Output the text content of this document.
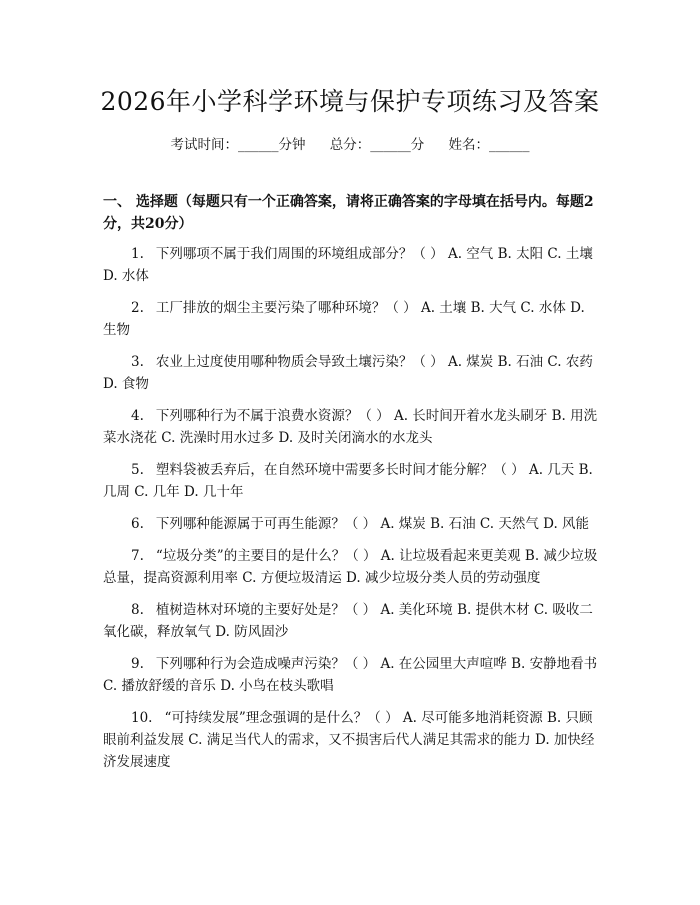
2026年小学科学环境与保护专项练习及答案
考试时间：______分钟 总分：______分 姓名：______
一、 选择题（每题只有一个正确答案，请将正确答案的字母填在括号内。每题2分，共20分）
1. 下列哪项不属于我们周围的环境组成部分？（ ） A. 空气 B. 太阳 C. 土壤 D. 水体
2. 工厂排放的烟尘主要污染了哪种环境？（ ） A. 土壤 B. 大气 C. 水体 D. 生物
3. 农业上过度使用哪种物质会导致土壤污染？（ ） A. 煤炭 B. 石油 C. 农药 D. 食物
4. 下列哪种行为不属于浪费水资源？（ ） A. 长时间开着水龙头刷牙 B. 用洗菜水浇花 C. 洗澡时用水过多 D. 及时关闭滴水的水龙头
5. 塑料袋被丢弃后，在自然环境中需要多长时间才能分解？（ ） A. 几天 B. 几周 C. 几年 D. 几十年
6. 下列哪种能源属于可再生能源？（ ） A. 煤炭 B. 石油 C. 天然气 D. 风能
7. “垃圾分类”的主要目的是什么？（ ） A. 让垃圾看起来更美观 B. 减少垃圾总量，提高资源利用率 C. 方便垃圾清运 D. 减少垃圾分类人员的劳动强度
8. 植树造林对环境的主要好处是？（ ） A. 美化环境 B. 提供木材 C. 吸收二氧化碳，释放氧气 D. 防风固沙
9. 下列哪种行为会造成噪声污染？（ ） A. 在公园里大声喧哗 B. 安静地看书 C. 播放舒缓的音乐 D. 小鸟在枝头歌唱
10. “可持续发展”理念强调的是什么？（ ） A. 尽可能多地消耗资源 B. 只顾眼前利益发展 C. 满足当代人的需求，又不损害后代人满足其需求的能力 D. 加快经济发展速度
